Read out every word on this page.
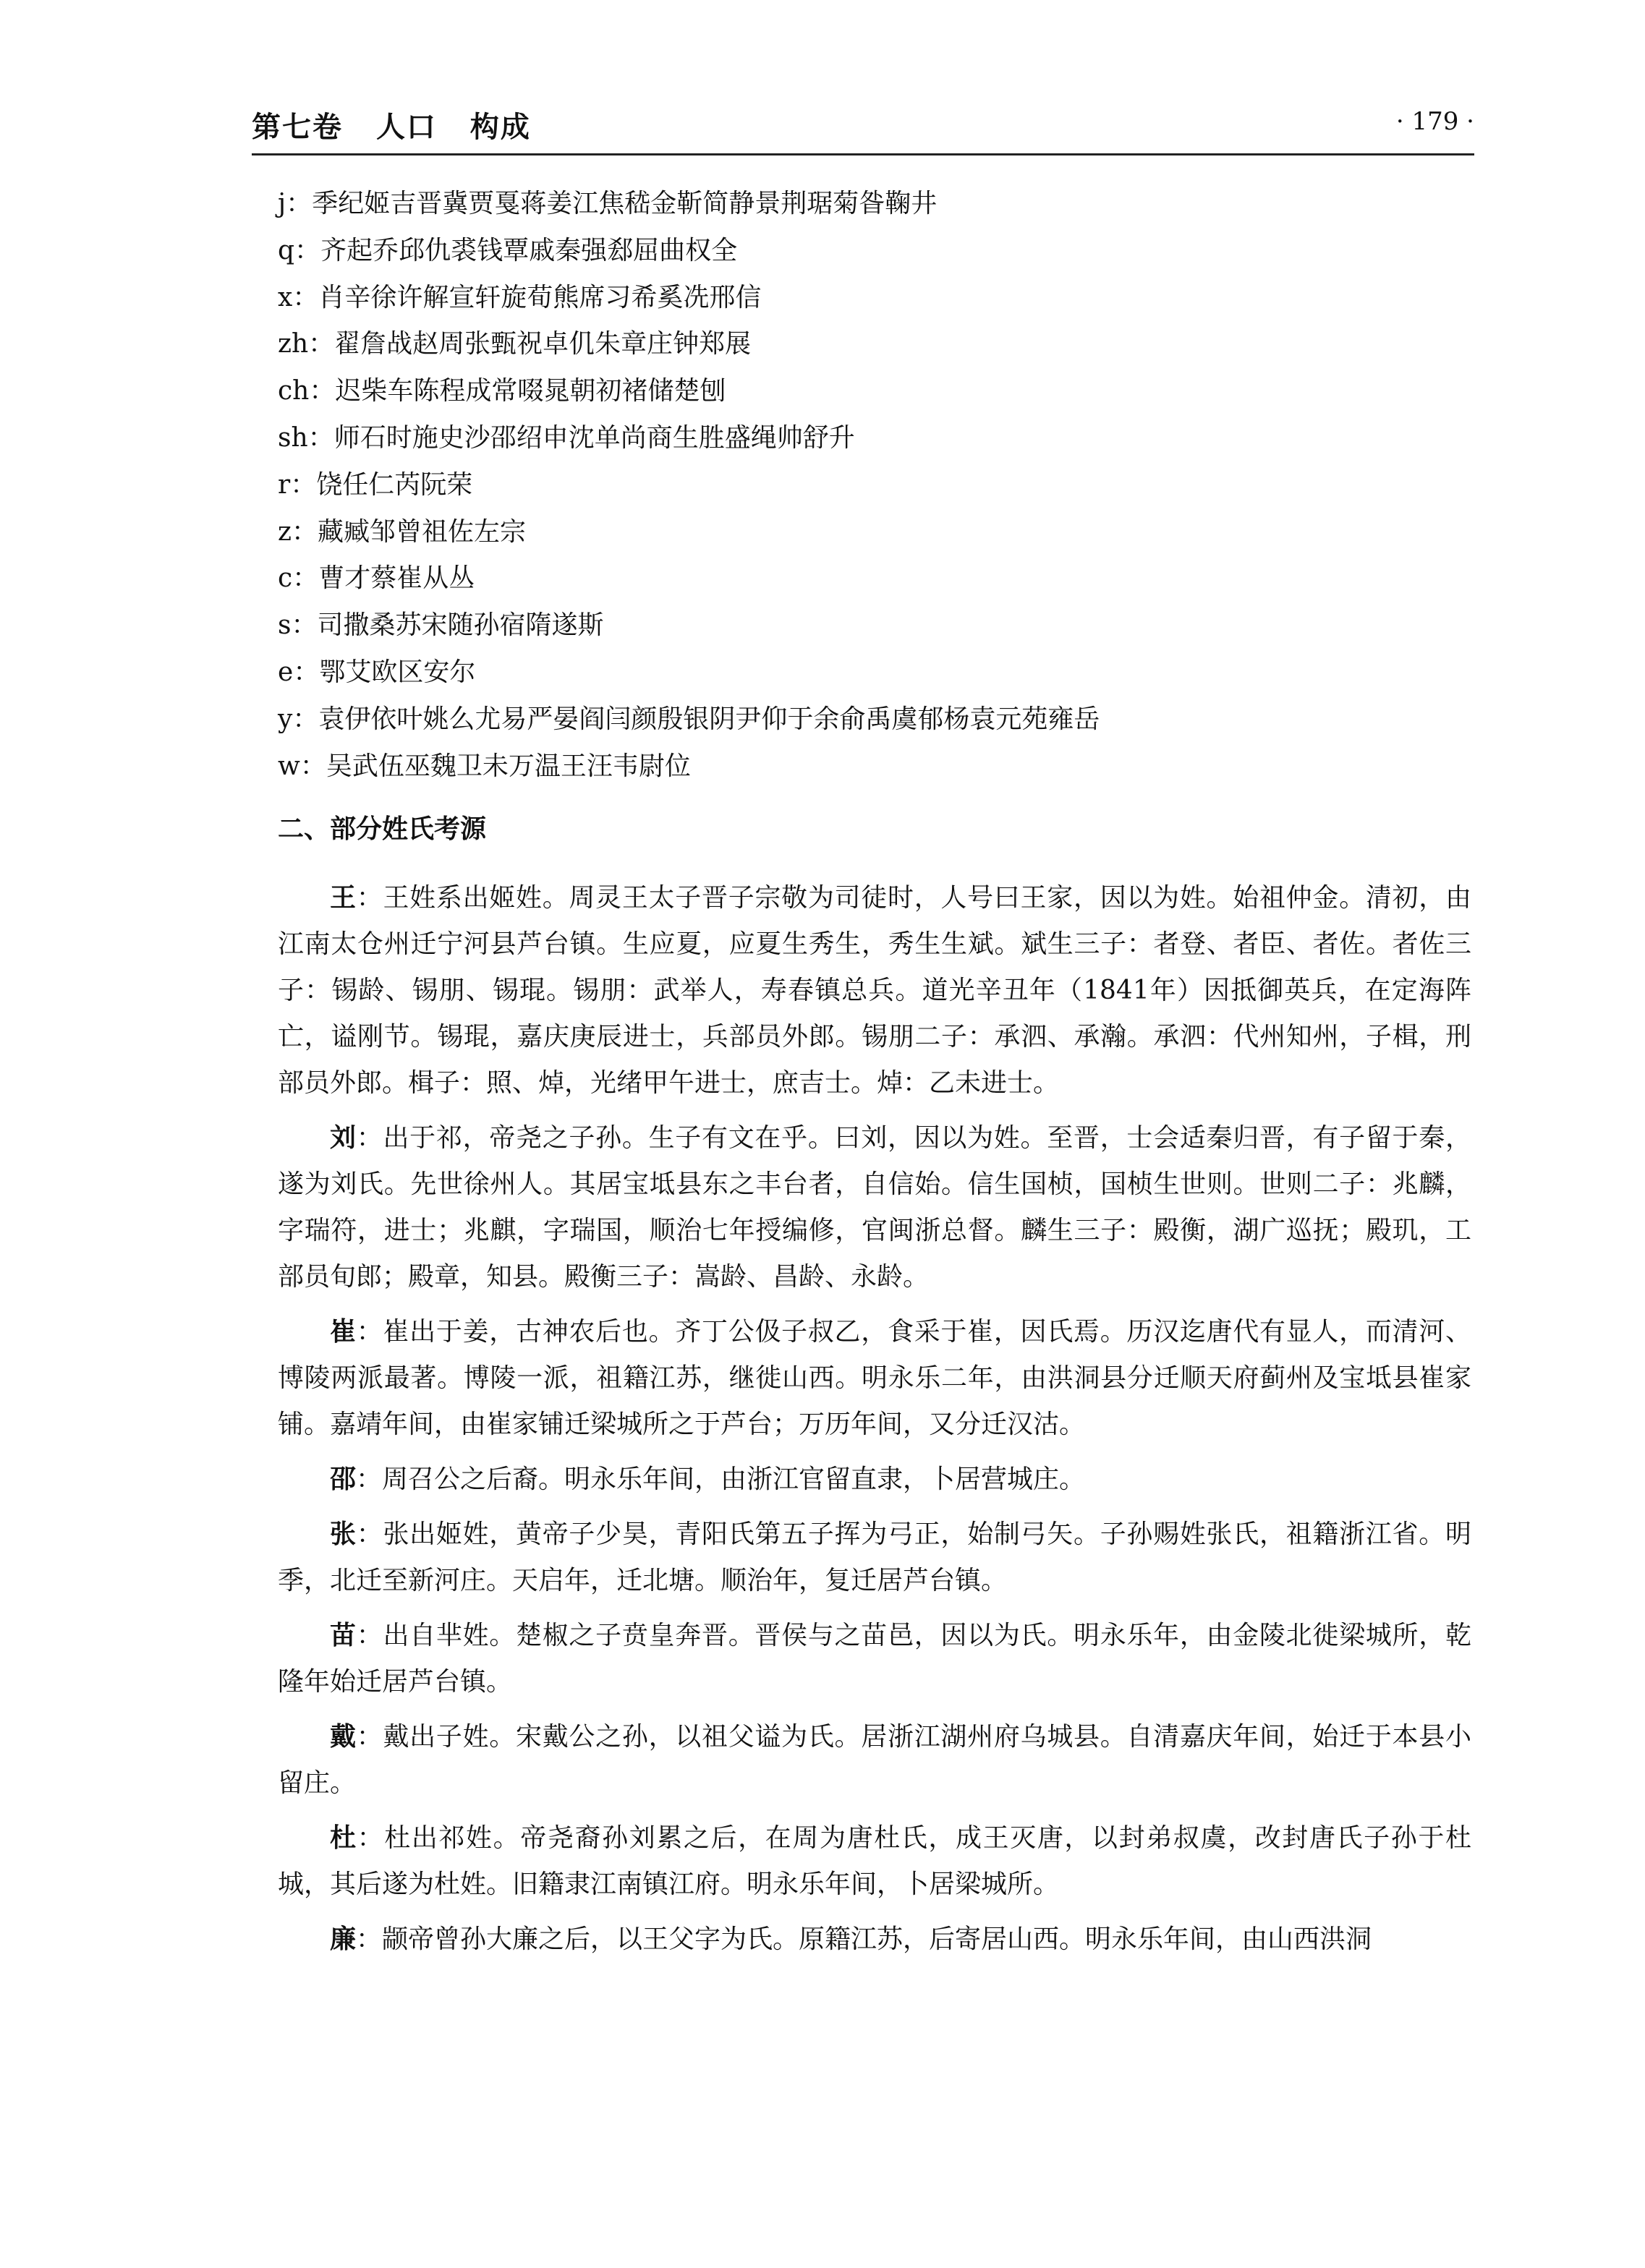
第七卷 人口 构成	· 179 ·
j：季纪姬吉晋冀贾戛蒋姜江焦嵇金靳简静景荆琚菊昝鞠井
q：齐起乔邱仇裘钱覃戚秦强郄屈曲权全
x：肖辛徐许解宣轩旋荀熊席习希奚冼邢信
zh：翟詹战赵周张甄祝卓仉朱章庄钟郑展
ch：迟柴车陈程成常啜晁朝初褚储楚刨
sh：师石时施史沙邵绍申沈单尚商生胜盛绳帅舒升
r：饶任仁芮阮荣
z：藏臧邹曾祖佐左宗
c：曹才蔡崔从丛
s：司撒桑苏宋随孙宿隋遂斯
e：鄂艾欧区安尔
y：袁伊依叶姚么尤易严晏阎闫颜殷银阴尹仰于余俞禹虞郁杨袁元苑雍岳
w：吴武伍巫魏卫未万温王汪韦尉位
二、部分姓氏考源

王：王姓系出姬姓。周灵王太子晋子宗敬为司徒时，人号曰王家，因以为姓。始祖仲金。清初，由江南太仓州迁宁河县芦台镇。生应夏，应夏生秀生，秀生生斌。斌生三子：者登、者臣、者佐。者佐三子：锡龄、锡朋、锡琨。锡朋：武举人，寿春镇总兵。道光辛丑年（1841年）因抵御英兵，在定海阵亡，谥刚节。锡琨，嘉庆庚辰进士，兵部员外郎。锡朋二子：承泗、承瀚。承泗：代州知州，子楫，刑部员外郎。楫子：照、焯，光绪甲午进士，庶吉士。焯：乙未进士。

刘：出于祁，帝尧之子孙。生子有文在乎。曰刘，因以为姓。至晋，士会适秦归晋，有子留于秦，遂为刘氏。先世徐州人。其居宝坻县东之丰台者，自信始。信生国桢，国桢生世则。世则二子：兆麟，字瑞符，进士；兆麒，字瑞国，顺治七年授编修，官闽浙总督。麟生三子：殿衡，湖广巡抚；殿玑，工部员旬郎；殿章，知县。殿衡三子：嵩龄、昌龄、永龄。

崔：崔出于姜，古神农后也。齐丁公伋子叔乙，食采于崔，因氏焉。历汉迄唐代有显人，而清河、博陵两派最著。博陵一派，祖籍江苏，继徙山西。明永乐二年，由洪洞县分迁顺天府蓟州及宝坻县崔家铺。嘉靖年间，由崔家铺迁梁城所之于芦台；万历年间，又分迁汉沽。

邵：周召公之后裔。明永乐年间，由浙江官留直隶，卜居营城庄。

张：张出姬姓，黄帝子少昊，青阳氏第五子挥为弓正，始制弓矢。子孙赐姓张氏，祖籍浙江省。明季，北迁至新河庄。天启年，迁北塘。顺治年，复迁居芦台镇。

苗：出自芈姓。楚椒之子贲皇奔晋。晋侯与之苗邑，因以为氏。明永乐年，由金陵北徙梁城所，乾隆年始迁居芦台镇。

戴：戴出子姓。宋戴公之孙，以祖父谥为氏。居浙江湖州府乌城县。自清嘉庆年间，始迁于本县小留庄。

杜：杜出祁姓。帝尧裔孙刘累之后，在周为唐杜氏，成王灭唐，以封弟叔虞，改封唐氏子孙于杜城，其后遂为杜姓。旧籍隶江南镇江府。明永乐年间，卜居梁城所。

廉：颛帝曾孙大廉之后，以王父字为氏。原籍江苏，后寄居山西。明永乐年间，由山西洪洞
